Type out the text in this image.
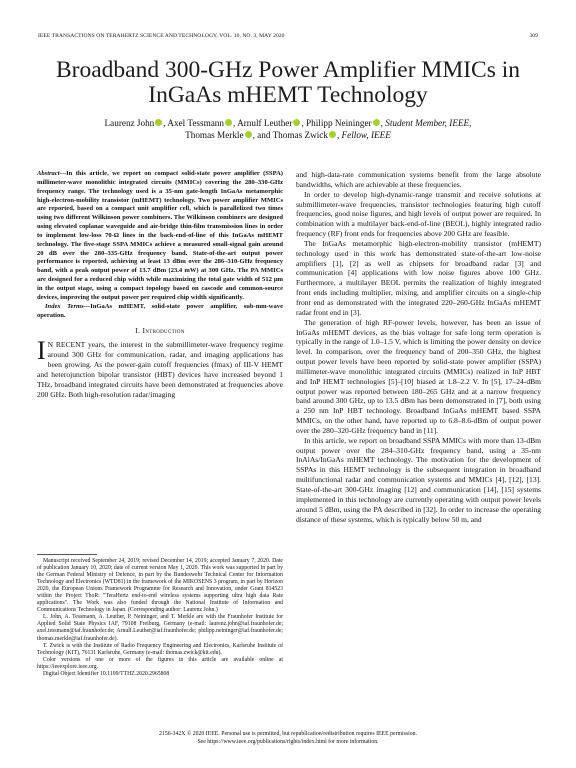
IEEE TRANSACTIONS ON TERAHERTZ SCIENCE AND TECHNOLOGY, VOL. 10, NO. 3, MAY 2020	309
Broadband 300-GHz Power Amplifier MMICs in
InGaAs mHEMT Technology
Laurenz John , Axel Tessmann , Arnulf Leuther , Philipp Neininger , Student Member, IEEE,
Thomas Merkle , and Thomas Zwick , Fellow, IEEE

Abstract—In this article, we report on compact solid-state power amplifier (SSPA) millimeter-wave monolithic integrated circuits (MMICs) covering the 280–330-GHz frequency range. The technology used is a 35-nm gate-length InGaAs metamorphic high-electron-mobility transistor (mHEMT) technology. Two power amplifier MMICs are reported, based on a compact unit amplifier cell, which is parallelized two times using two different Wilkinson power combiners. The Wilkinson combiners are designed using elevated coplanar waveguide and air-bridge thin-film transmission lines in order to implement low-loss 70-Ω lines in the back-end-of-line of this InGaAs mHEMT technology. The five-stage SSPA MMICs achieve a measured small-signal gain around 20 dB over the 280–335-GHz frequency band. State-of-the-art output power performance is reported, achieving at least 13 dBm over the 286–310-GHz frequency band, with a peak output power of 13.7 dBm (23.4 mW) at 300 GHz. The PA MMICs are designed for a reduced chip width while maximizing the total gate width of 512 μm in the output stage, using a compact topology based on cascode and common-source devices, improving the output power per required chip width significantly.

Index Terms—InGaAs mHEMT, solid-state power amplifier, sub-mm-wave operation.

I. Introduction

I N RECENT years, the interest in the submillimeter-wave frequency regime around 300 GHz for communication, radar, and imaging applications has been growing. As the power-gain cutoff frequencies (fmax) of III-V HEMT and heterojunction bipolar transistor (HBT) devices have increased beyond 1 THz, broadband integrated circuits have been demonstrated at frequencies above 200 GHz. Both high-resolution radar/imaging

Manuscript received September 24, 2019; revised December 14, 2019; accepted January 7, 2020. Date of publication January 10, 2020; date of current version May 1, 2020. This work was supported in part by the German Federal Ministry of Defence, in part by the Bundeswehr Technical Center for Information Technology and Electronics (WTD81) in the framework of the MIKOSENS 3 program, in part by Horizon 2020, the European Unions Framework Programme for Research and Innovation, under Grant 814523 within the Project ThoR: "TeraHertz end-to-end wireless systems supporting ultra high data Rate applications". The Work was also funded through the National Institute of Information and Communications Technology in Japan. (Corresponding author: Laurenz John.)

L. John, A. Tessmann, A. Leuther, P. Neininger, and T. Merkle are with the Fraunhofer Institute for Applied Solid State Physics IAF, 79108 Freiburg, Germany (e-mail: laurenz.john@iaf.fraunhofer.de; axel.tessmann@iaf.fraunhofer.de; Arnulf.Leuther@iaf.fraunhofer.de; philipp.neininger@iaf.fraunhofer.de; thomas.merkle@iaf.fraunhofer.de).

T. Zwick is with the Institute of Radio Frequency Engineering and Electronics, Karlsruhe Institute of Technology (KIT), 76131 Karlsruhe, Germany (e-mail: thomas.zwick@kit.edu).

Color versions of one or more of the figures in this article are available online at https://ieeexplore.ieee.org.

Digital Object Identifier 10.1109/TTHZ.2020.2965808

and high-data-rate communication systems benefit from the large absolute bandwidths, which are achievable at these frequencies.

In order to develop high-dynamic-range transmit and receive solutions at submillimeter-wave frequencies, transistor technologies featuring high cutoff frequencies, good noise figures, and high levels of output power are required. In combination with a multilayer back-end-of-line (BEOL), highly integrated radio frequency (RF) front ends for frequencies above 200 GHz are feasible.

The InGaAs metamorphic high-electron-mobility transistor (mHEMT) technology used in this work has demonstrated state-of-the-art low-noise amplifiers [1], [2] as well as chipsets for broadband radar [3] and communication [4] applications with low noise figures above 100 GHz. Furthermore, a multilayer BEOL permits the realization of highly integrated front ends including multiplier, mixing, and amplifier circuits on a single-chip front end as demonstrated with the integrated 220–260-GHz InGaAs mHEMT radar front end in [3].

The generation of high RF-power levels, however, has been an issue of InGaAs mHEMT devices, as the bias voltage for safe long term operation is typically in the range of 1.0–1.5 V, which is limiting the power density on device level. In comparison, over the frequency band of 200–350 GHz, the highest output power levels have been reported by solid-state power amplifier (SSPA) millimeter-wave monolithic integrated circuits (MMICs) realized in InP HBT and InP HEMT technologies [5]–[10] biased at 1.8–2.2 V. In [5], 17–24-dBm output power was reported between 180–265 GHz and at a narrow frequency band around 300 GHz, up to 13.5 dBm has been demonstrated in [7], both using a 250 nm InP HBT technology. Broadband InGaAs mHEMT based SSPA MMICs, on the other hand, have reported up to 6.8–8.6-dBm of output power over the 280–320-GHz frequency band in [11].

In this article, we report on broadband SSPA MMICs with more than 13-dBm output power over the 284–310-GHz frequency band, using a 35-nm InAlAs/InGaAs mHEMT technology. The motivation for the development of SSPAs in this HEMT technology is the subsequent integration in broadband multifunctional radar and communication systems and MMICs [4], [12], [13]. State-of-the-art 300-GHz imaging [12] and communication [14], [15] systems implemented in this technology are currently operating with output power levels around 5 dBm, using the PA described in [32]. In order to increase the operating distance of these systems, which is typically below 50 m, and

2156-342X © 2020 IEEE. Personal use is permitted, but republication/redistribution requires IEEE permission.
See https://www.ieee.org/publications/rights/index.html for more information.
